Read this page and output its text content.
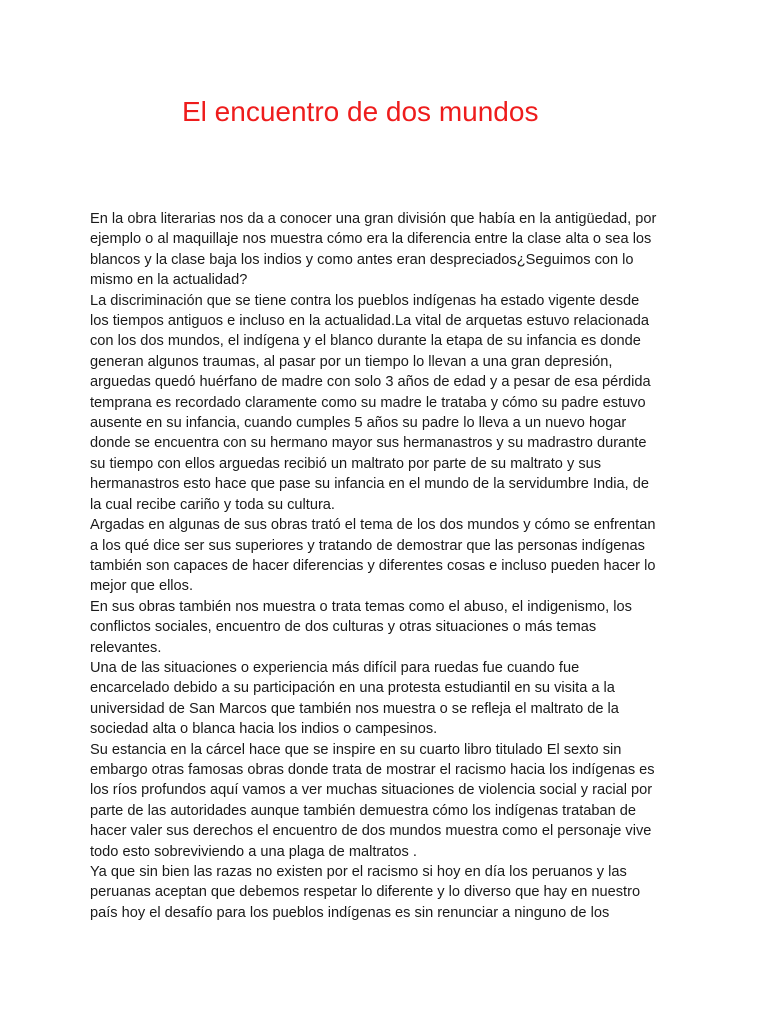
El encuentro de dos mundos

En la obra literarias nos da a conocer una gran división que había en la antigüedad, por
ejemplo o al maquillaje nos muestra cómo era la diferencia entre la clase alta o sea los
blancos y la clase baja los indios y como antes eran despreciados¿Seguimos con lo
mismo en la actualidad?

La discriminación que se tiene contra los pueblos indígenas ha estado vigente desde
los tiempos antiguos e incluso en la actualidad.La vital de arquetas estuvo relacionada
con los dos mundos, el indígena y el blanco durante la etapa de su infancia es donde
generan algunos traumas, al pasar por un tiempo lo llevan a una gran depresión,
arguedas quedó huérfano de madre con solo 3 años de edad y a pesar de esa pérdida
temprana es recordado claramente como su madre le trataba y cómo su padre estuvo
ausente en su infancia, cuando cumples 5 años su padre lo lleva a un nuevo hogar
donde se encuentra con su hermano mayor sus hermanastros y su madrastro durante
su tiempo con ellos arguedas recibió un maltrato por parte de su maltrato y sus
hermanastros esto hace que pase su infancia en el mundo de la servidumbre India, de
la cual recibe cariño y toda su cultura.

Argadas en algunas de sus obras trató el tema de los dos mundos y cómo se enfrentan
a los qué dice ser sus superiores y tratando de demostrar que las personas indígenas
también son capaces de hacer diferencias y diferentes cosas e incluso pueden hacer lo
mejor que ellos.

En sus obras también nos muestra o trata temas como el abuso, el indigenismo, los
conflictos sociales, encuentro de dos culturas y otras situaciones o más temas
relevantes.

Una de las situaciones o experiencia más difícil para ruedas fue cuando fue
encarcelado debido a su participación en una protesta estudiantil en su visita a la
universidad de San Marcos que también nos muestra o se refleja el maltrato de la
sociedad alta o blanca hacia los indios o campesinos.

Su estancia en la cárcel hace que se inspire en su cuarto libro titulado El sexto sin
embargo otras famosas obras donde trata de mostrar el racismo hacia los indígenas es
los ríos profundos aquí vamos a ver muchas situaciones de violencia social y racial por
parte de las autoridades aunque también demuestra cómo los indígenas trataban de
hacer valer sus derechos el encuentro de dos mundos muestra como el personaje vive
todo esto sobreviviendo a una plaga de maltratos .

Ya que sin bien las razas no existen por el racismo si hoy en día los peruanos y las
peruanas aceptan que debemos respetar lo diferente y lo diverso que hay en nuestro
país hoy el desafío para los pueblos indígenas es sin renunciar a ninguno de los
